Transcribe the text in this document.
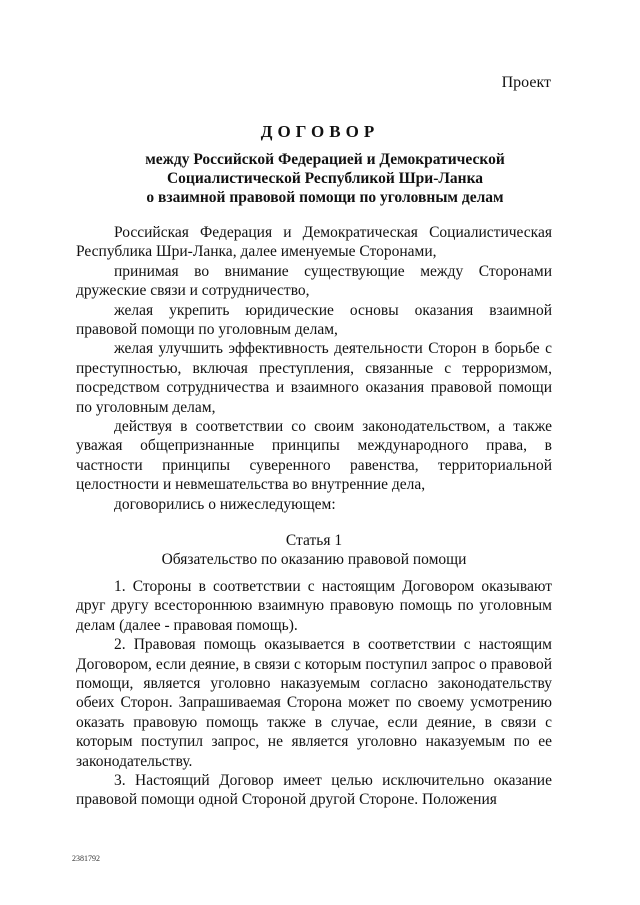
Проект
ДОГОВОР
между Российской Федерацией и Демократической
Социалистической Республикой Шри-Ланка
о взаимной правовой помощи по уголовным делам

Российская Федерация и Демократическая Социалистическая Республика Шри-Ланка, далее именуемые Сторонами,

принимая во внимание существующие между Сторонами дружеские связи и сотрудничество,

желая укрепить юридические основы оказания взаимной правовой помощи по уголовным делам,

желая улучшить эффективность деятельности Сторон в борьбе с преступностью, включая преступления, связанные с терроризмом, посредством сотрудничества и взаимного оказания правовой помощи по уголовным делам,

действуя в соответствии со своим законодательством, а также уважая общепризнанные принципы международного права, в частности принципы суверенного равенства, территориальной целостности и невмешательства во внутренние дела,

договорились о нижеследующем:

Статья 1
Обязательство по оказанию правовой помощи

1. Стороны в соответствии с настоящим Договором оказывают друг другу всестороннюю взаимную правовую помощь по уголовным делам (далее - правовая помощь).

2. Правовая помощь оказывается в соответствии с настоящим Договором, если деяние, в связи с которым поступил запрос о правовой помощи, является уголовно наказуемым согласно законодательству обеих Сторон. Запрашиваемая Сторона может по своему усмотрению оказать правовую помощь также в случае, если деяние, в связи с которым поступил запрос, не является уголовно наказуемым по ее законодательству.

3. Настоящий Договор имеет целью исключительно оказание правовой помощи одной Стороной другой Стороне. Положения

2381792
